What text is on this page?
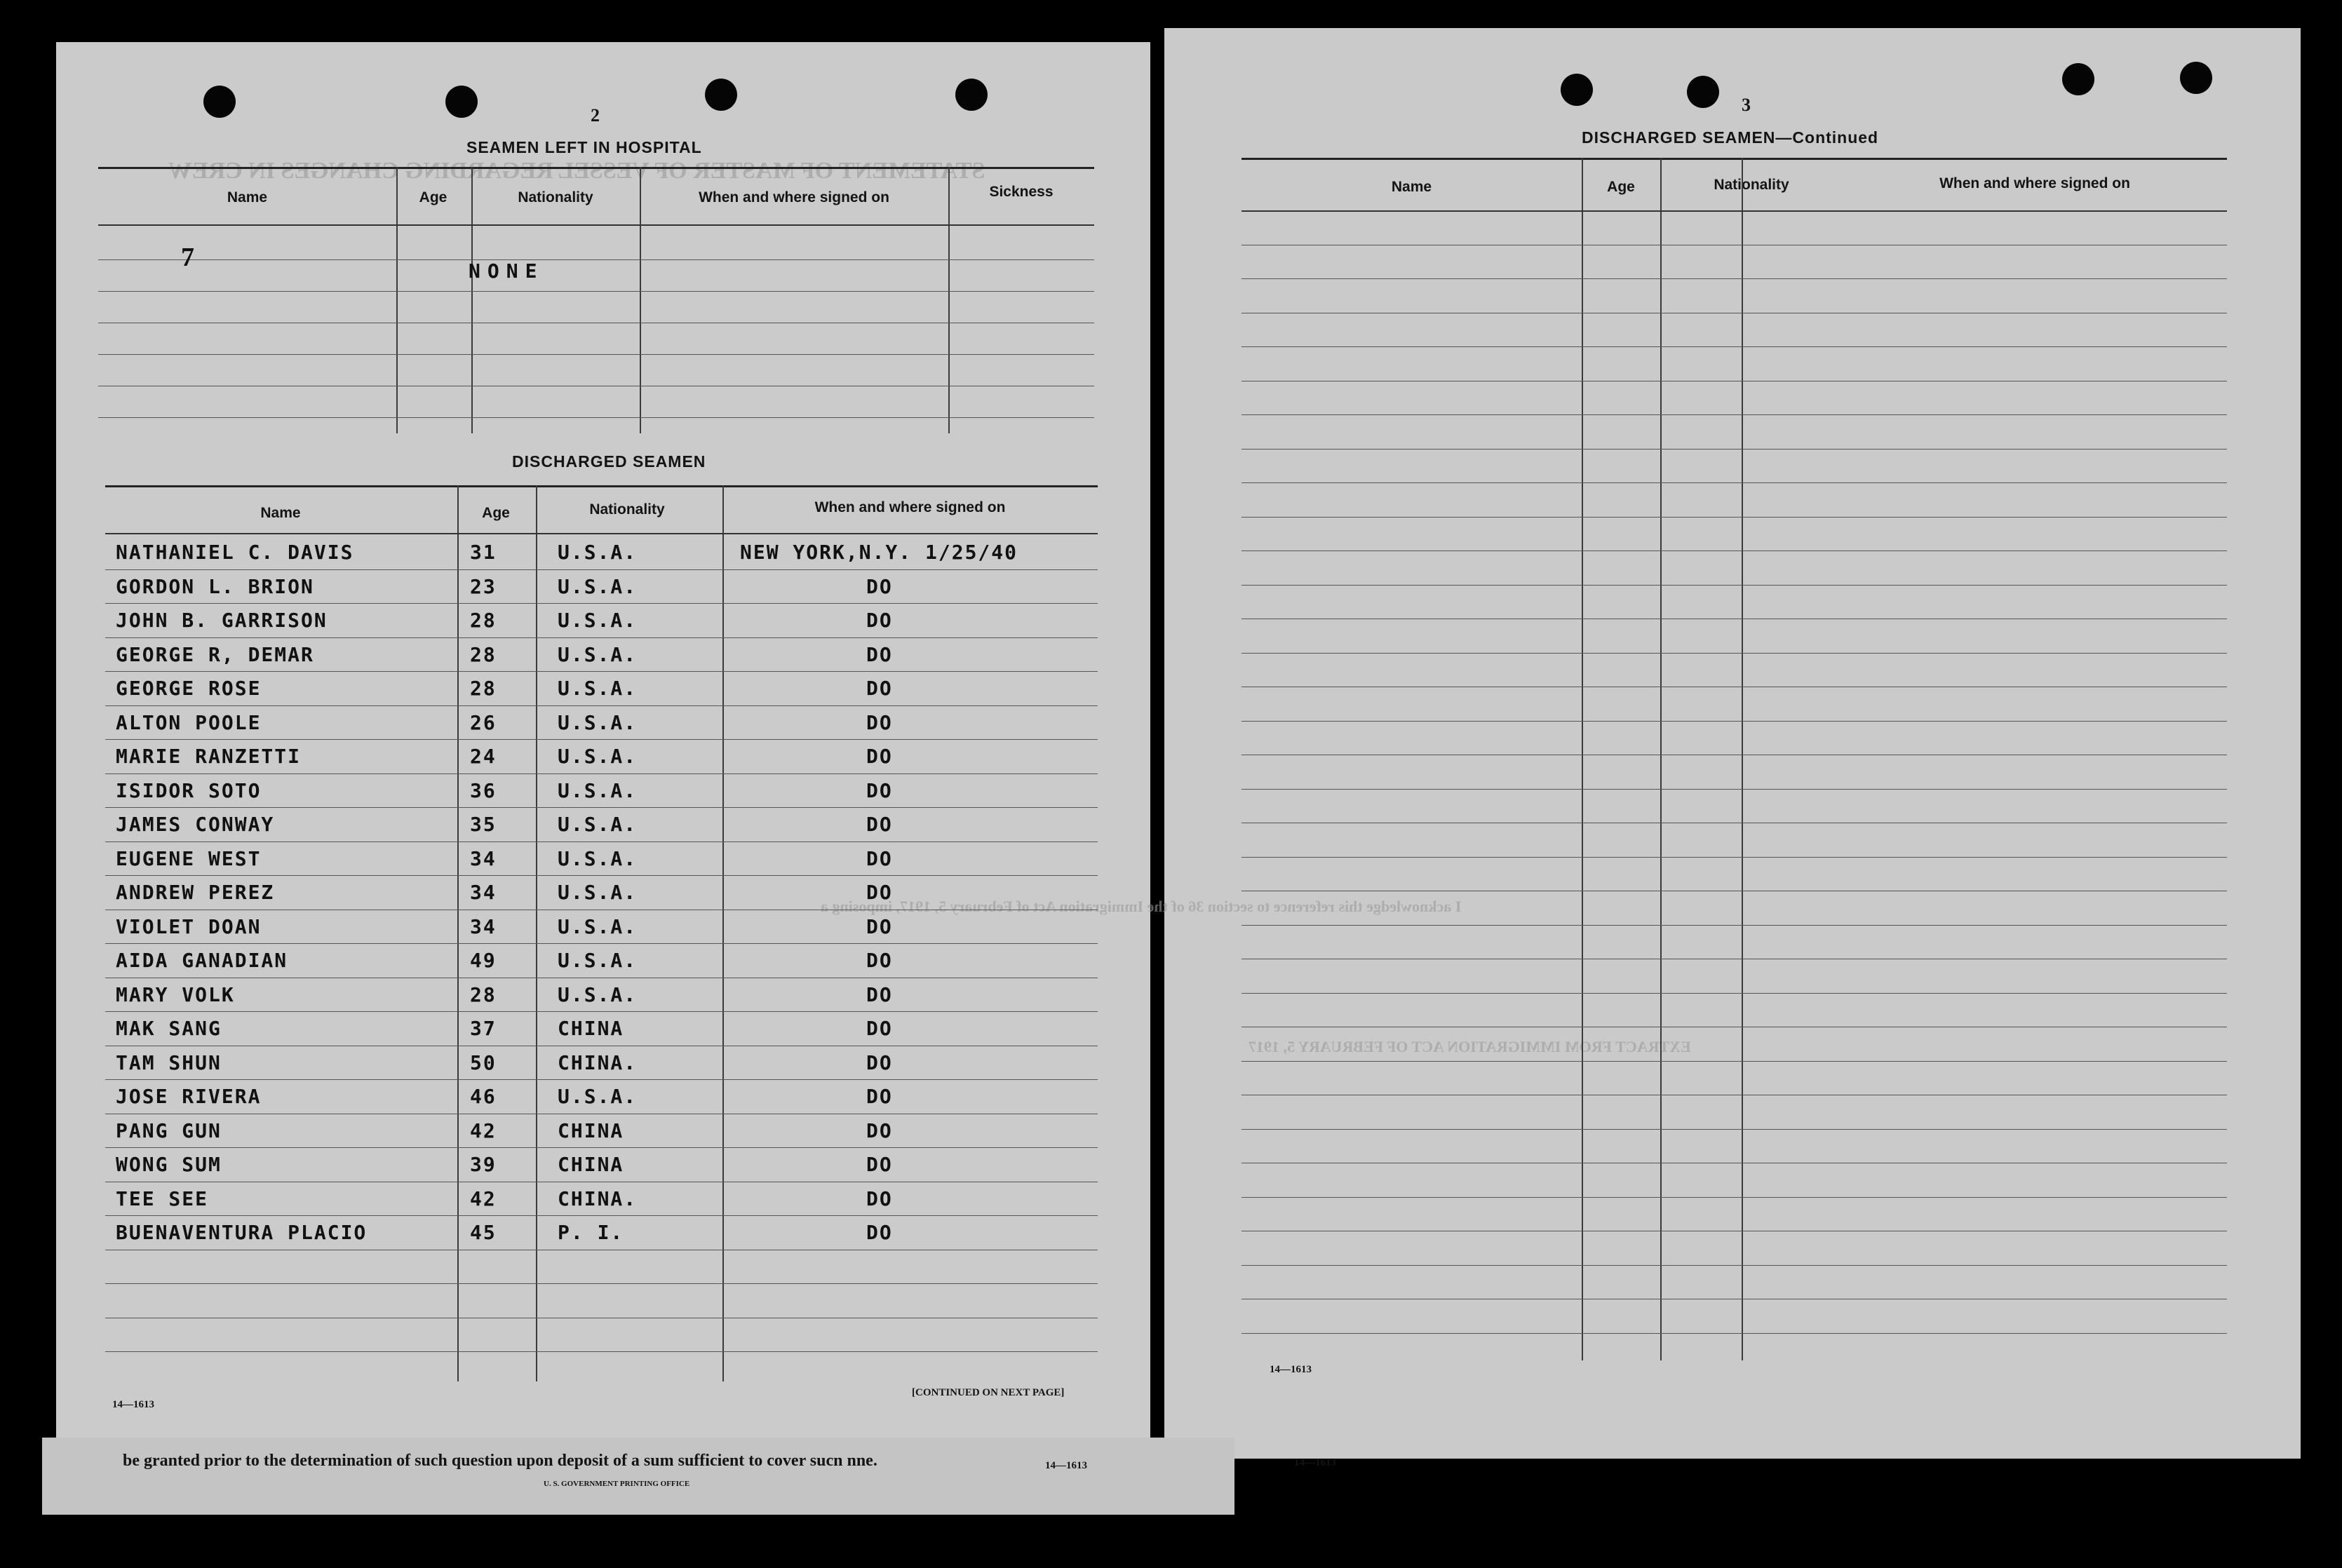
STATEMENT OF MASTER OF VESSEL REGARDING CHANGES IN CREW
I acknowledge this reference to section 36 of the Immigration Act of February 5, 1917, imposing a
EXTRACT FROM IMMIGRATION ACT OF FEBRUARY 5, 1917
2
SEAMEN LEFT IN HOSPITAL
Name	Age	Nationality	When and where signed on	Sickness
7	NONE
DISCHARGED SEAMEN
Name	Age	Nationality	When and where signed on
NATHANIEL C. DAVIS	31	U.S.A.	NEW YORK,N.Y. 1/25/40
GORDON L. BRION	23	U.S.A.	DO
JOHN B. GARRISON	28	U.S.A.	DO
GEORGE R, DEMAR	28	U.S.A.	DO
GEORGE ROSE	28	U.S.A.	DO
ALTON POOLE	26	U.S.A.	DO
MARIE RANZETTI	24	U.S.A.	DO
ISIDOR SOTO	36	U.S.A.	DO
JAMES CONWAY	35	U.S.A.	DO
EUGENE WEST	34	U.S.A.	DO
ANDREW PEREZ	34	U.S.A.	DO
VIOLET DOAN	34	U.S.A.	DO
AIDA GANADIAN	49	U.S.A.	DO
MARY VOLK	28	U.S.A.	DO
MAK SANG	37	CHINA	DO
TAM SHUN	50	CHINA.	DO
JOSE RIVERA	46	U.S.A.	DO
PANG GUN	42	CHINA	DO
WONG SUM	39	CHINA	DO
TEE SEE	42	CHINA.	DO
BUENAVENTURA PLACIO	45	P. I.	DO
14—1613
[CONTINUED ON NEXT PAGE]
3
DISCHARGED SEAMEN—Continued
Name	Age	Nationality	When and where signed on
14—1613
be granted prior to the determination of such question upon deposit of a sum sufficient to cover sucn nne.
U. S. GOVERNMENT PRINTING OFFICE
14—1613	14—1613
